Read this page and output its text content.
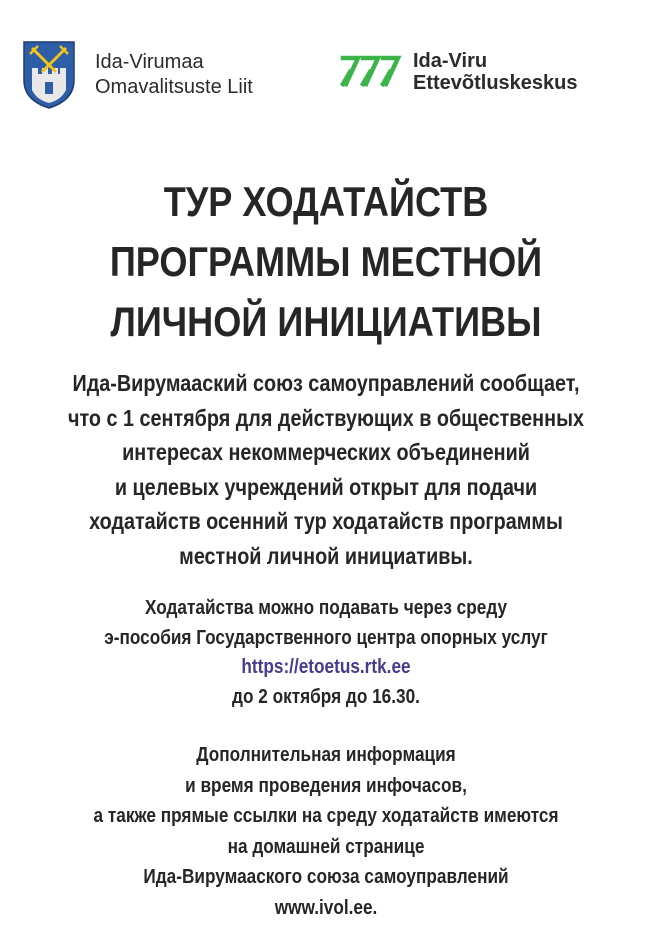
Ida-Virumaa
Omavalitsuste Liit
Ida-Viru
Ettevõtluskeskus
ТУР ХОДАТАЙСТВ
ПРОГРАММЫ МЕСТНОЙ
ЛИЧНОЙ ИНИЦИАТИВЫ
Ида-Вирумааский союз самоуправлений сообщает,
что с 1 сентября для действующих в общественных
интересах некоммерческих объединений
и целевых учреждений открыт для подачи
ходатайств осенний тур ходатайств программы
местной личной инициативы.
Ходатайства можно подавать через среду
э-пособия Государственного центра опорных услуг
https://etoetus.rtk.ee
до 2 октября до 16.30.
Дополнительная информация
и время проведения инфочасов,
а также прямые ссылки на среду ходатайств имеются
на домашней странице
Ида-Вирумааского союза самоуправлений
www.ivol.ee.
